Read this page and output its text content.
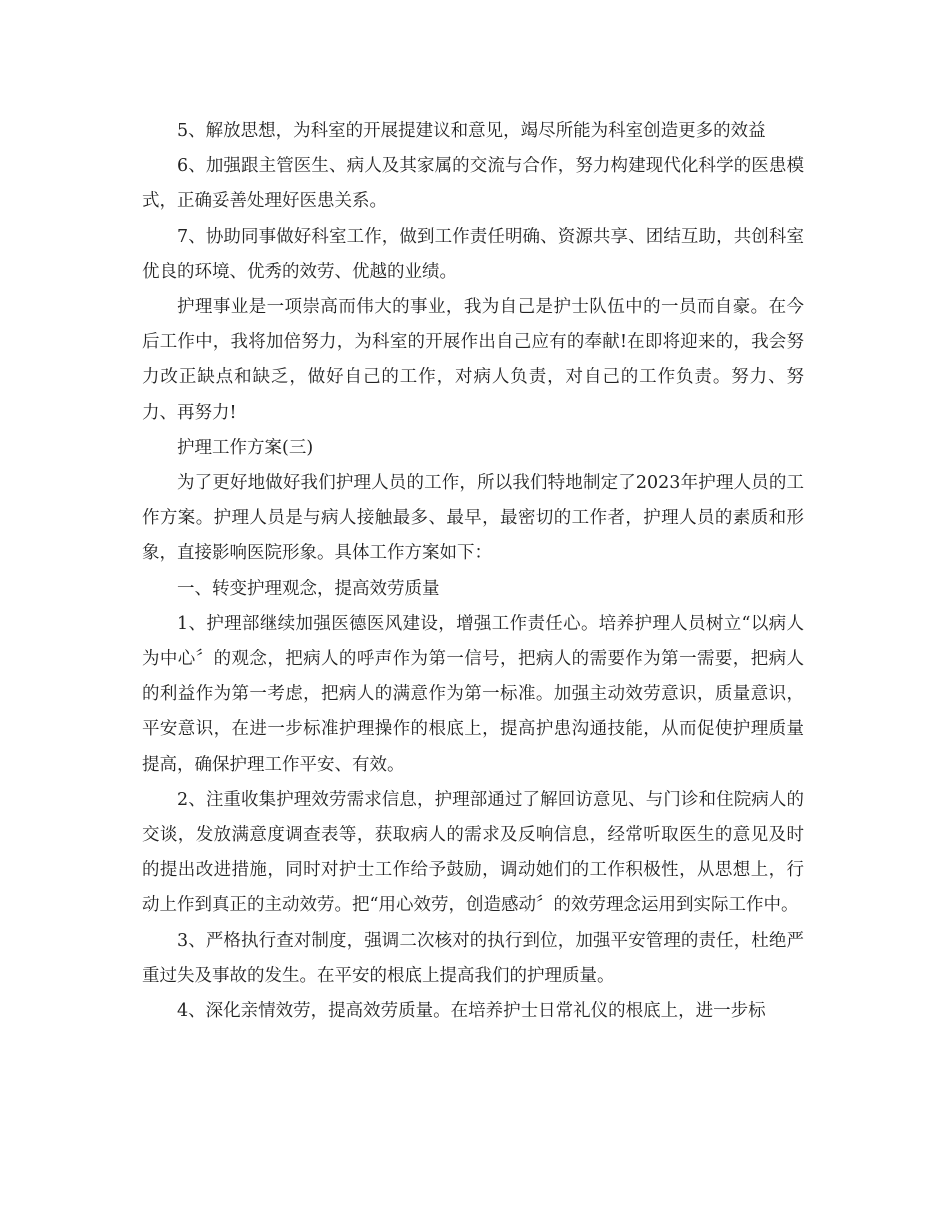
5、解放思想，为科室的开展提建议和意见，竭尽所能为科室创造更多的效益

6、加强跟主管医生、病人及其家属的交流与合作，努力构建现代化科学的医患模式，正确妥善处理好医患关系。

7、协助同事做好科室工作，做到工作责任明确、资源共享、团结互助，共创科室优良的环境、优秀的效劳、优越的业绩。

护理事业是一项崇高而伟大的事业，我为自己是护士队伍中的一员而自豪。在今后工作中，我将加倍努力，为科室的开展作出自己应有的奉献!在即将迎来的，我会努力改正缺点和缺乏，做好自己的工作，对病人负责，对自己的工作负责。努力、努力、再努力!

护理工作方案(三)

为了更好地做好我们护理人员的工作，所以我们特地制定了2023年护理人员的工作方案。护理人员是与病人接触最多、最早，最密切的工作者，护理人员的素质和形象，直接影响医院形象。具体工作方案如下：

一、转变护理观念，提高效劳质量

1、护理部继续加强医德医风建设，增强工作责任心。培养护理人员树立“以病人为中心〞的观念，把病人的呼声作为第一信号，把病人的需要作为第一需要，把病人的利益作为第一考虑，把病人的满意作为第一标准。加强主动效劳意识，质量意识，平安意识，在进一步标准护理操作的根底上，提高护患沟通技能，从而促使护理质量提高，确保护理工作平安、有效。

2、注重收集护理效劳需求信息，护理部通过了解回访意见、与门诊和住院病人的交谈，发放满意度调查表等，获取病人的需求及反响信息，经常听取医生的意见及时的提出改进措施，同时对护士工作给予鼓励，调动她们的工作积极性，从思想上，行动上作到真正的主动效劳。把“用心效劳，创造感动〞的效劳理念运用到实际工作中。

3、严格执行查对制度，强调二次核对的执行到位，加强平安管理的责任，杜绝严重过失及事故的发生。在平安的根底上提高我们的护理质量。

4、深化亲情效劳，提高效劳质量。在培养护士日常礼仪的根底上，进一步标
